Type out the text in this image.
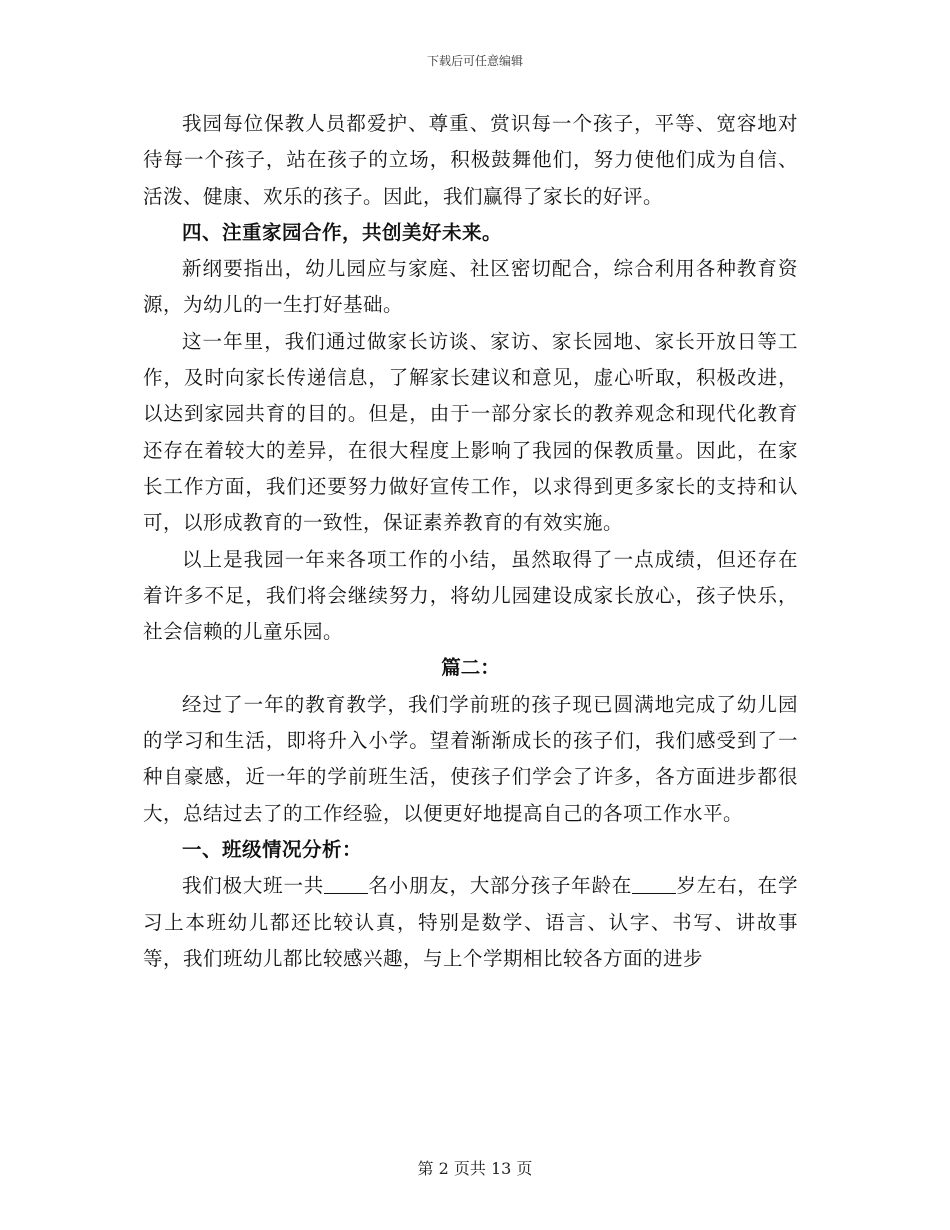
下载后可任意编辑

我园每位保教人员都爱护、尊重、赏识每一个孩子，平等、宽容地对待每一个孩子，站在孩子的立场，积极鼓舞他们，努力使他们成为自信、活泼、健康、欢乐的孩子。因此，我们赢得了家长的好评。

四、注重家园合作，共创美好未来。

新纲要指出，幼儿园应与家庭、社区密切配合，综合利用各种教育资源，为幼儿的一生打好基础。

这一年里，我们通过做家长访谈、家访、家长园地、家长开放日等工作，及时向家长传递信息，了解家长建议和意见，虚心听取，积极改进，以达到家园共育的目的。但是，由于一部分家长的教养观念和现代化教育还存在着较大的差异，在很大程度上影响了我园的保教质量。因此，在家长工作方面，我们还要努力做好宣传工作，以求得到更多家长的支持和认可，以形成教育的一致性，保证素养教育的有效实施。

以上是我园一年来各项工作的小结，虽然取得了一点成绩，但还存在着许多不足，我们将会继续努力，将幼儿园建设成家长放心，孩子快乐，社会信赖的儿童乐园。

篇二：

经过了一年的教育教学，我们学前班的孩子现已圆满地完成了幼儿园的学习和生活，即将升入小学。望着渐渐成长的孩子们，我们感受到了一种自豪感，近一年的学前班生活，使孩子们学会了许多，各方面进步都很大，总结过去了的工作经验，以便更好地提高自己的各项工作水平。

一、班级情况分析：

我们极大班一共 名小朋友，大部分孩子年龄在 岁左右，在学习上本班幼儿都还比较认真，特别是数学、语言、认字、书写、讲故事等，我们班幼儿都比较感兴趣，与上个学期相比较各方面的进步

第 2 页共 13 页
